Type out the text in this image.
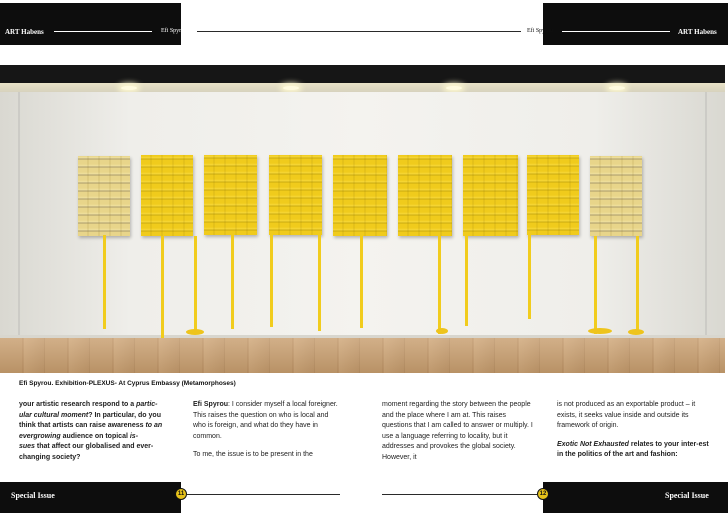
ART Habens	Efi Spyrou	Efi Spyrou	ART Habens
Efi Spyrou. Exhibition-PLEXUS- At Cyprus Embassy (Metamorphoses)
your artistic research respond to a partic-
ular cultural moment? In particular, do you think that artists can raise awareness to an evergrowing audience on topical is-
sues that affect our globalised and ever-changing society?

Efi Spyrou: I consider myself a local foreigner. This raises the question on who is local and who is foreign, and what do they have in common.

To me, the issue is to be present in the

moment regarding the story between the people and the place where I am at. This raises questions that I am called to answer or multiply. I use a language referring to locality, but it addresses and provokes the global society. However, it

is not produced as an exportable product – it exists, it seeks value inside and outside its framework of origin.

Exotic Not Exhausted relates to your inter-est in the politics of the art and fashion:

Special Issue	11	12	Special Issue
